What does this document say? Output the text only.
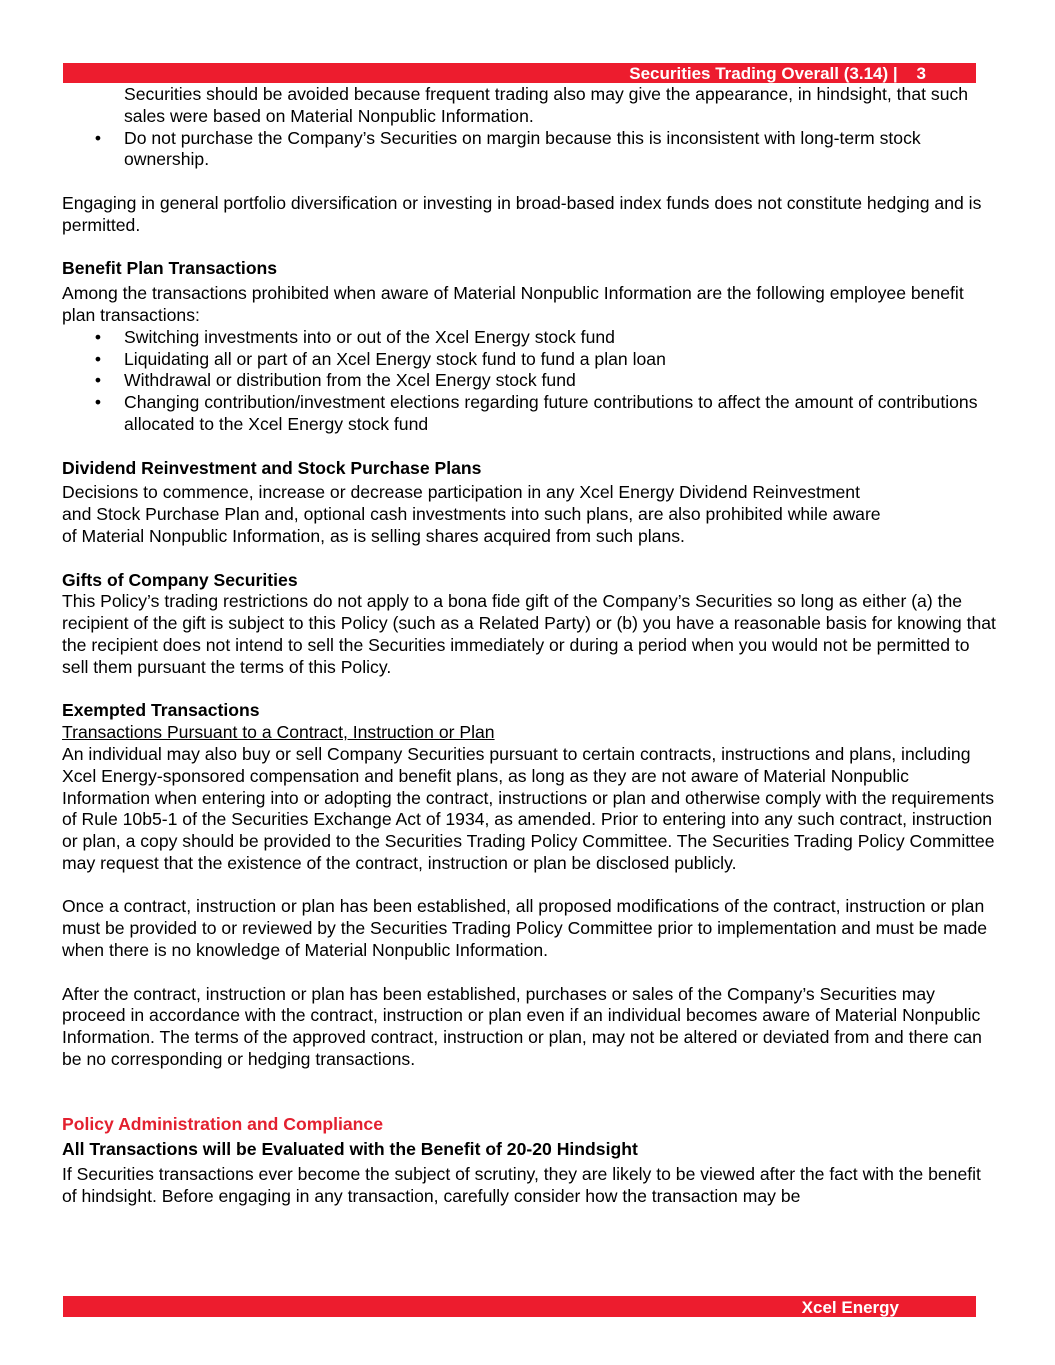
Securities Trading Overall (3.14) | 3

Securities should be avoided because frequent trading also may give the appearance, in hindsight, that such sales were based on Material Nonpublic Information.

• Do not purchase the Company’s Securities on margin because this is inconsistent with long-term stock ownership.

Engaging in general portfolio diversification or investing in broad-based index funds does not constitute hedging and is permitted.

Benefit Plan Transactions

Among the transactions prohibited when aware of Material Nonpublic Information are the following employee benefit plan transactions:

• Switching investments into or out of the Xcel Energy stock fund
• Liquidating all or part of an Xcel Energy stock fund to fund a plan loan
• Withdrawal or distribution from the Xcel Energy stock fund
• Changing contribution/investment elections regarding future contributions to affect the amount of contributions allocated to the Xcel Energy stock fund

Dividend Reinvestment and Stock Purchase Plans

Decisions to commence, increase or decrease participation in any Xcel Energy Dividend Reinvestment

and Stock Purchase Plan and, optional cash investments into such plans, are also prohibited while aware

of Material Nonpublic Information, as is selling shares acquired from such plans.

Gifts of Company Securities

This Policy’s trading restrictions do not apply to a bona fide gift of the Company’s Securities so long as either (a) the recipient of the gift is subject to this Policy (such as a Related Party) or (b) you have a reasonable basis for knowing that the recipient does not intend to sell the Securities immediately or during a period when you would not be permitted to sell them pursuant the terms of this Policy.

Exempted Transactions

Transactions Pursuant to a Contract, Instruction or Plan

An individual may also buy or sell Company Securities pursuant to certain contracts, instructions and plans, including Xcel Energy-sponsored compensation and benefit plans, as long as they are not aware of Material Nonpublic Information when entering into or adopting the contract, instructions or plan and otherwise comply with the requirements of Rule 10b5-1 of the Securities Exchange Act of 1934, as amended. Prior to entering into any such contract, instruction or plan, a copy should be provided to the Securities Trading Policy Committee. The Securities Trading Policy Committee may request that the existence of the contract, instruction or plan be disclosed publicly.

Once a contract, instruction or plan has been established, all proposed modifications of the contract, instruction or plan must be provided to or reviewed by the Securities Trading Policy Committee prior to implementation and must be made when there is no knowledge of Material Nonpublic Information.

After the contract, instruction or plan has been established, purchases or sales of the Company’s Securities may proceed in accordance with the contract, instruction or plan even if an individual becomes aware of Material Nonpublic Information. The terms of the approved contract, instruction or plan, may not be altered or deviated from and there can be no corresponding or hedging transactions.

Policy Administration and Compliance

All Transactions will be Evaluated with the Benefit of 20-20 Hindsight

If Securities transactions ever become the subject of scrutiny, they are likely to be viewed after the fact with the benefit of hindsight. Before engaging in any transaction, carefully consider how the transaction may be

Xcel Energy
